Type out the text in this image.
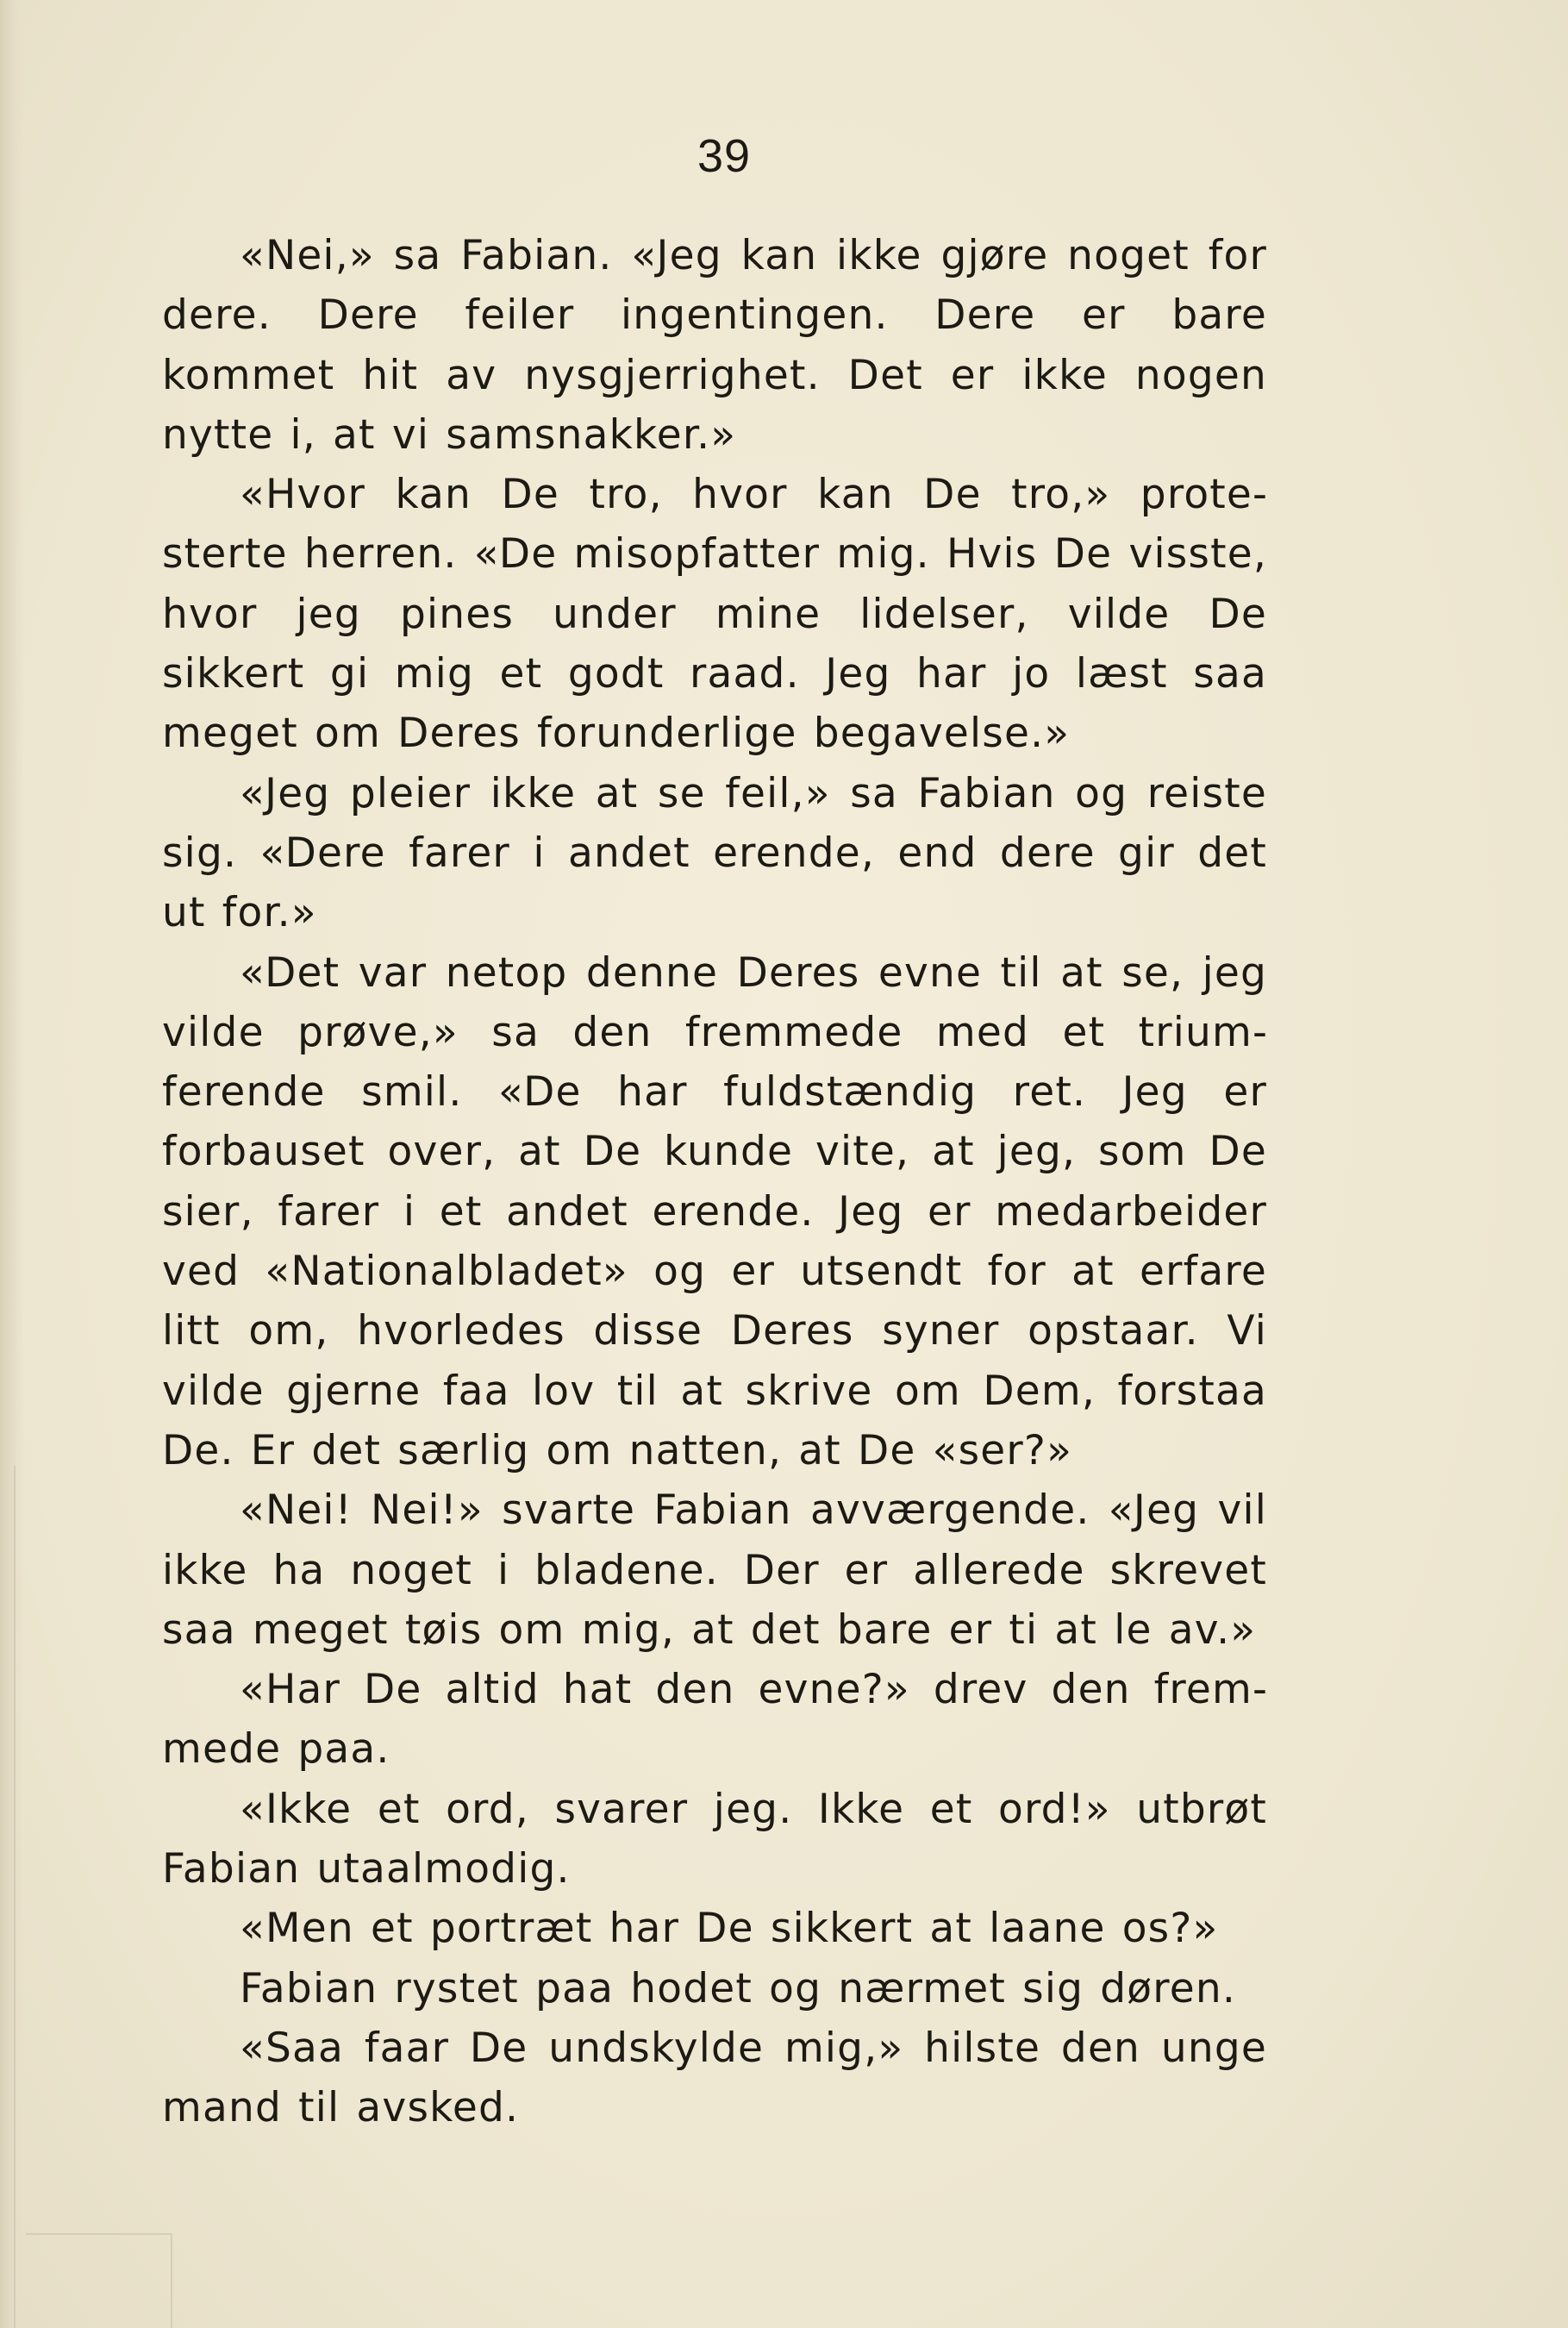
39

«Nei,» sa Fabian. «Jeg kan ikke gjøre noget for dere. Dere feiler ingentingen. Dere er bare kommet hit av nysgjerrighet. Det er ikke nogen nytte i, at vi samsnakker.»

«Hvor kan De tro, hvor kan De tro,» protesterte herren. «De misopfatter mig. Hvis De visste, hvor jeg pines under mine lidelser, vilde De sikkert gi mig et godt raad. Jeg har jo læst saa meget om Deres forunderlige begavelse.»

«Jeg pleier ikke at se feil,» sa Fabian og reiste sig. «Dere farer i andet erende, end dere gir det ut for.»

«Det var netop denne Deres evne til at se, jeg vilde prøve,» sa den fremmede med et triumferende smil. «De har fuldstændig ret. Jeg er forbauset over, at De kunde vite, at jeg, som De sier, farer i et andet erende. Jeg er medarbeider ved «Nationalbladet» og er utsendt for at erfare litt om, hvorledes disse Deres syner opstaar. Vi vilde gjerne faa lov til at skrive om Dem, forstaa De. Er det særlig om natten, at De «ser?»

«Nei! Nei!» svarte Fabian avværgende. «Jeg vil ikke ha noget i bladene. Der er allerede skrevet saa meget tøis om mig, at det bare er ti at le av.»

«Har De altid hat den evne?» drev den fremmede paa.

«Ikke et ord, svarer jeg. Ikke et ord!» utbrøt Fabian utaalmodig.

«Men et portræt har De sikkert at laane os?»

Fabian rystet paa hodet og nærmet sig døren.

«Saa faar De undskylde mig,» hilste den unge mand til avsked.
